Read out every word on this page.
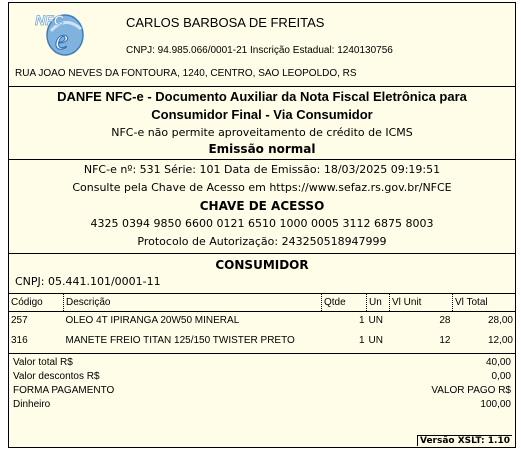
NFC
e
CARLOS BARBOSA DE FREITAS
CNPJ: 94.985.066/0001-21 Inscrição Estadual: 1240130756
RUA JOAO NEVES DA FONTOURA, 1240, CENTRO, SAO LEOPOLDO, RS
DANFE NFC-e - Documento Auxiliar da Nota Fiscal Eletrônica para
Consumidor Final - Via Consumidor
NFC-e não permite aproveitamento de crédito de ICMS
Emissão normal
NFC-e nº: 531 Série: 101 Data de Emissão: 18/03/2025 09:19:51
Consulte pela Chave de Acesso em https://www.sefaz.rs.gov.br/NFCE
CHAVE DE ACESSO
4325 0394 9850 6600 0121 6510 1000 0005 3112 6875 8003
Protocolo de Autorização: 243250518947999
CONSUMIDOR
CNPJ: 05.441.101/0001-11
Código	Descrição	Qtde	Un	Vl Unit	Vl Total
257	OLEO 4T IPIRANGA 20W50 MINERAL	1	UN	28	28,00
316	MANETE FREIO TITAN 125/150 TWISTER PRETO	1	UN	12	12,00
Valor total R$	40,00
Valor descontos R$	0,00
FORMA PAGAMENTO	VALOR PAGO R$
Dinheiro	100,00
Versão XSLT: 1.10
